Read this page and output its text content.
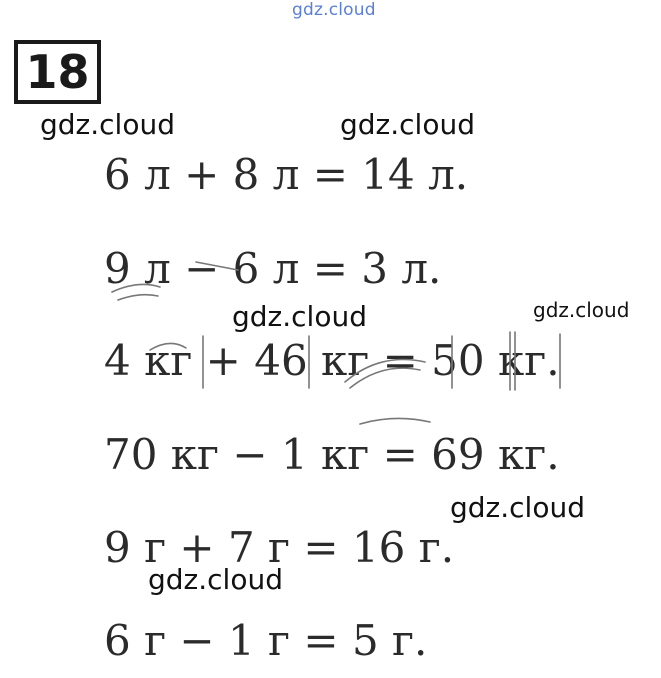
gdz.cloud
18
6 л + 8 л = 14 л.
9 л − 6 л = 3 л.
4 кг + 46 кг = 50 кг.
70 кг − 1 кг = 69 кг.
9 г + 7 г = 16 г.
6 г − 1 г = 5 г.
gdz.cloud	gdz.cloud
gdz.cloud	gdz.cloud
gdz.cloud
gdz.cloud
